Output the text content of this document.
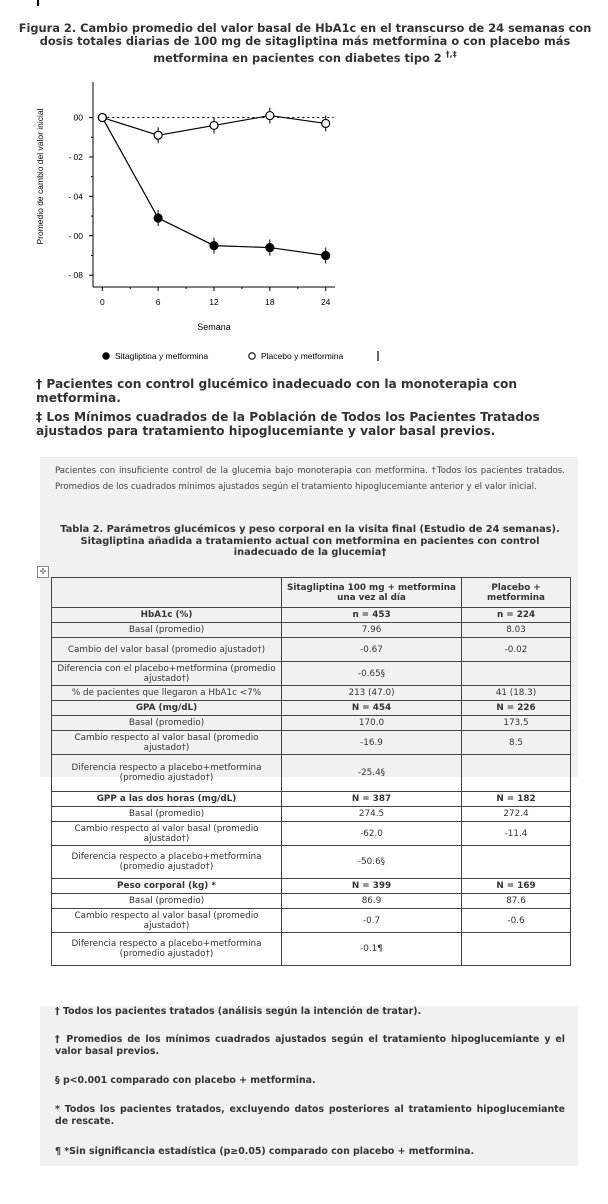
Figura 2. Cambio promedio del valor basal de HbA1c en el transcurso de 24 semanas con dosis totales diarias de 100 mg de sitagliptina más metformina o con placebo más metformina en pacientes con diabetes tipo 2 †,‡
00
- 02
- 04
- 00
- 08
0	6	12	18	24
Semana
Promedio de cambio del valor inicial
Sitagliptina y metformina	Placebo y metformina
† Pacientes con control glucémico inadecuado con la monoterapia con metformina.
‡ Los Mínimos cuadrados de la Población de Todos los Pacientes Tratados ajustados para tratamiento hipoglucemiante y valor basal previos.
Pacientes con insuficiente control de la glucemia bajo monoterapia con metformina. †Todos los pacientes tratados. Promedios de los cuadrados mínimos ajustados según el tratamiento hipoglucemiante anterior y el valor inicial.
Tabla 2. Parámetros glucémicos y peso corporal en la visita final (Estudio de 24 semanas). Sitagliptina añadida a tratamiento actual con metformina en pacientes con control inadecuado de la glucemia†
✣
	Sitagliptina 100 mg + metformina una vez al día	Placebo + metformina
HbA1c (%)	n = 453	n = 224
Basal (promedio)	7.96	8.03
Cambio del valor basal (promedio ajustado†)	-0.67	-0.02
Diferencia con el placebo+metformina (promedio ajustado†)	-0.65§	
% de pacientes que llegaron a HbA1c <7%	213 (47.0)	41 (18.3)
GPA (mg/dL)	N = 454	N = 226
Basal (promedio)	170.0	173.5
Cambio respecto al valor basal (promedio ajustado†)	-16.9	8.5
Diferencia respecto a placebo+metformina (promedio ajustado†)	-25.4§	
GPP a las dos horas (mg/dL)	N = 387	N = 182
Basal (promedio)	274.5	272.4
Cambio respecto al valor basal (promedio ajustado†)	-62.0	-11.4
Diferencia respecto a placebo+metformina (promedio ajustado†)	-50.6§	
Peso corporal (kg) *	N = 399	N = 169
Basal (promedio)	86.9	87.6
Cambio respecto al valor basal (promedio ajustado†)	-0.7	-0.6
Diferencia respecto a placebo+metformina (promedio ajustado†)	-0.1¶	
† Todos los pacientes tratados (análisis según la intención de tratar).
† Promedios de los mínimos cuadrados ajustados según el tratamiento hipoglucemiante y el valor basal previos.
§ p<0.001 comparado con placebo + metformina.
* Todos los pacientes tratados, excluyendo datos posteriores al tratamiento hipoglucemiante de rescate.
¶ *Sin significancia estadística (p≥0.05) comparado con placebo + metformina.
